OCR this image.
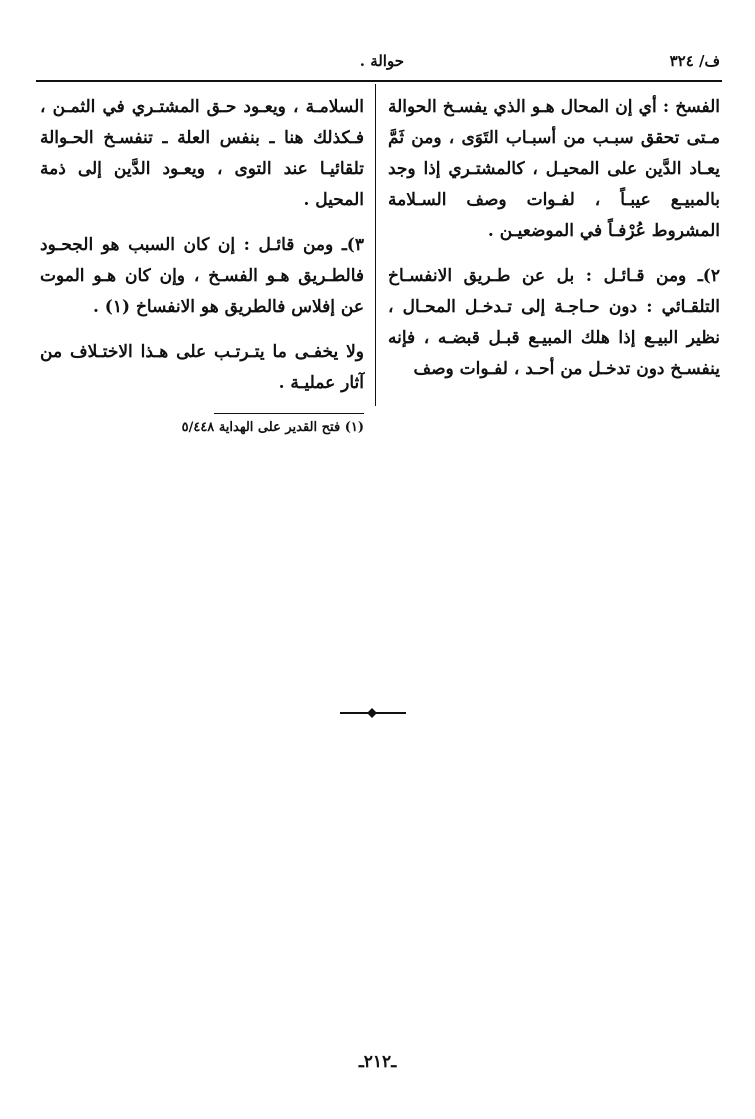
ف/ ٣٢٤
حوالة .

الفسخ : أي إن المحال هـو الذي يفسـخ الحوالة مـتى تحقق سبـب من أسبـاب التَوَى ، ومن ثَمَّ يعـاد الدَّين على المحيـل ، كالمشتـري إذا وجد بالمبيـع عيبـاً ، لفـوات وصف السـلامة المشروط عُرْفـاً في الموضعيـن .

٢)ـ ومن قـائـل : بل عن طـريق الانفسـاخ التلقـائي : دون حـاجـة إلى تـدخـل المحـال ، نظير البيـع إذا هلك المبيـع قبـل قبضـه ، فإنه ينفسـخ دون تدخـل من أحـد ، لفـوات وصف

السلامـة ، ويعـود حـق المشتـري في الثمـن ، فـكذلك هنا ـ بنفس العلة ـ تنفسـخ الحـوالة تلقائيـا عند التوى ، ويعـود الدَّين إلى ذمة المحيل .

٣)ـ ومن قائـل : إن كان السبب هو الجحـود فالطـريق هـو الفسـخ ، وإن كان هـو الموت عن إفلاس فالطريق هو الانفساخ (١) .

ولا يخفـى ما يتـرتـب على هـذا الاختـلاف من آثار عمليـة .

(١) فتح القدير على الهداية ٥/٤٤٨

ـ٢١٢ـ
